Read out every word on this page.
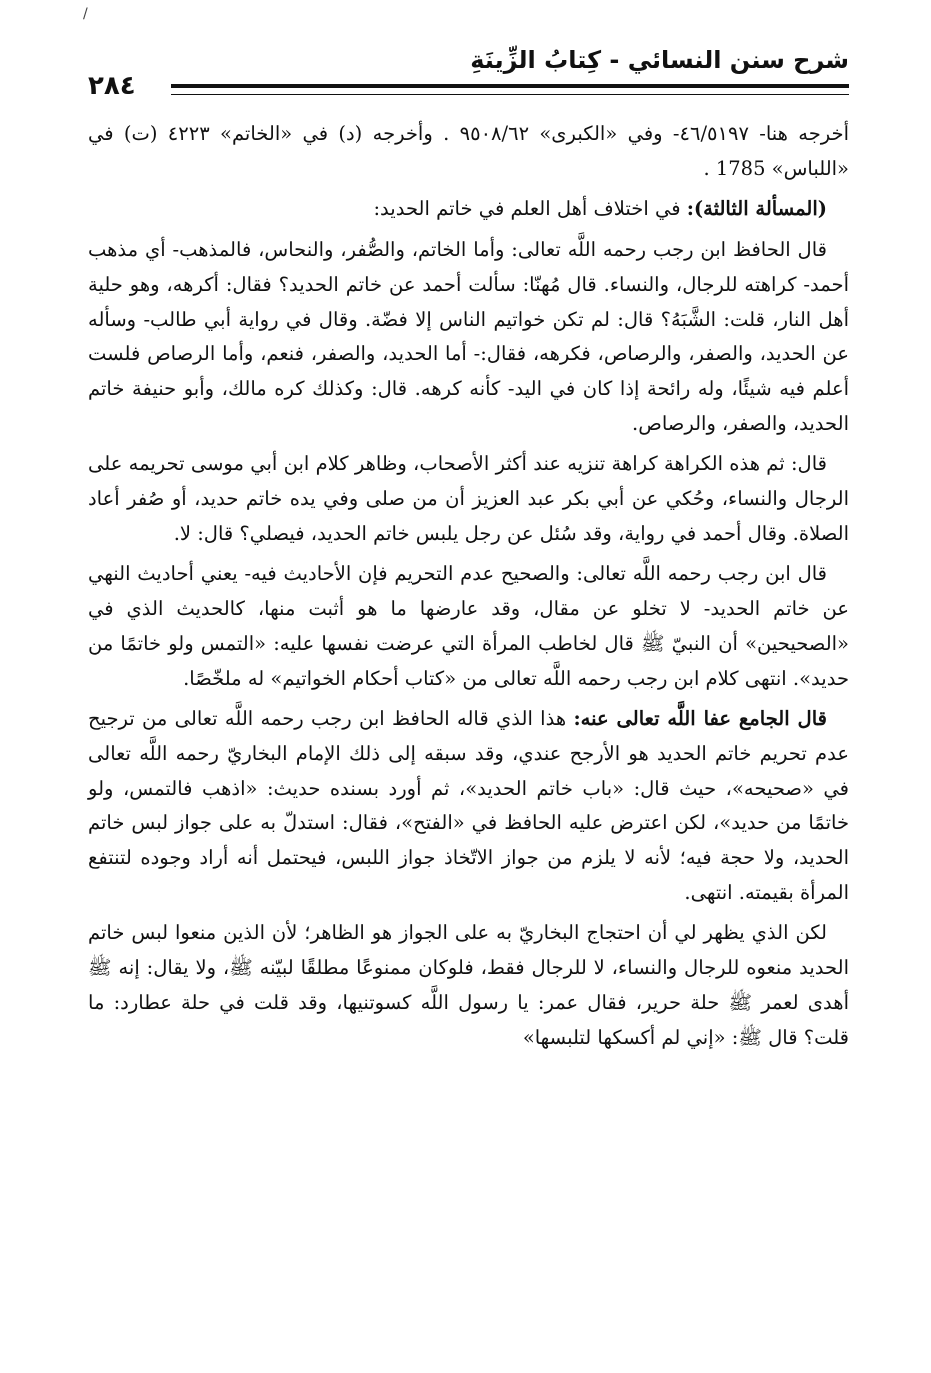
/
شرح سنن النسائي - كِتابُ الزِّينَةِ
٢٨٤

أخرجه هنا- ٤٦/٥١٩٧- وفي «الكبرى» ٩٥٠٨/٦٢ . وأخرجه (د) في «الخاتم» ٤٢٢٣ (ت) في «اللباس» 1785 .

(المسألة الثالثة): في اختلاف أهل العلم في خاتم الحديد:

قال الحافظ ابن رجب رحمه اللَّه تعالى: وأما الخاتم، والصُّفر، والنحاس، فالمذهب- أي مذهب أحمد- كراهته للرجال، والنساء. قال مُهنّا: سألت أحمد عن خاتم الحديد؟ فقال: أكرهه، وهو حلية أهل النار، قلت: الشَّبَهُ؟ قال: لم تكن خواتيم الناس إلا فضّة. وقال في رواية أبي طالب- وسأله عن الحديد، والصفر، والرصاص، فكرهه، فقال:- أما الحديد، والصفر، فنعم، وأما الرصاص فلست أعلم فيه شيئًا، وله رائحة إذا كان في اليد- كأنه كرهه. قال: وكذلك كره مالك، وأبو حنيفة خاتم الحديد، والصفر، والرصاص.

قال: ثم هذه الكراهة كراهة تنزيه عند أكثر الأصحاب، وظاهر كلام ابن أبي موسى تحريمه على الرجال والنساء، وحُكي عن أبي بكر عبد العزيز أن من صلى وفي يده خاتم حديد، أو صُفر أعاد الصلاة. وقال أحمد في رواية، وقد سُئل عن رجل يلبس خاتم الحديد، فيصلي؟ قال: لا.

قال ابن رجب رحمه اللَّه تعالى: والصحيح عدم التحريم فإن الأحاديث فيه- يعني أحاديث النهي عن خاتم الحديد- لا تخلو عن مقال، وقد عارضها ما هو أثبت منها، كالحديث الذي في «الصحيحين» أن النبيّ ﷺ قال لخاطب المرأة التي عرضت نفسها عليه: «التمس ولو خاتمًا من حديد». انتهى كلام ابن رجب رحمه اللَّه تعالى من «كتاب أحكام الخواتيم» له ملخّصًا.

قال الجامع عفا اللَّه تعالى عنه: هذا الذي قاله الحافظ ابن رجب رحمه اللَّه تعالى من ترجيح عدم تحريم خاتم الحديد هو الأرجح عندي، وقد سبقه إلى ذلك الإمام البخاريّ رحمه اللَّه تعالى في «صحيحه»، حيث قال: «باب خاتم الحديد»، ثم أورد بسنده حديث: «اذهب فالتمس، ولو خاتمًا من حديد»، لكن اعترض عليه الحافظ في «الفتح»، فقال: استدلّ به على جواز لبس خاتم الحديد، ولا حجة فيه؛ لأنه لا يلزم من جواز الاتّخاذ جواز اللبس، فيحتمل أنه أراد وجوده لتنتفع المرأة بقيمته. انتهى.

لكن الذي يظهر لي أن احتجاج البخاريّ به على الجواز هو الظاهر؛ لأن الذين منعوا لبس خاتم الحديد منعوه للرجال والنساء، لا للرجال فقط، فلوكان ممنوعًا مطلقًا لبيّنه ﷺ، ولا يقال: إنه ﷺ أهدى لعمر ﷺ حلة حرير، فقال عمر: يا رسول اللَّه كسوتنيها، وقد قلت في حلة عطارد: ما قلت؟ قال ﷺ: «إني لم أكسكها لتلبسها»
